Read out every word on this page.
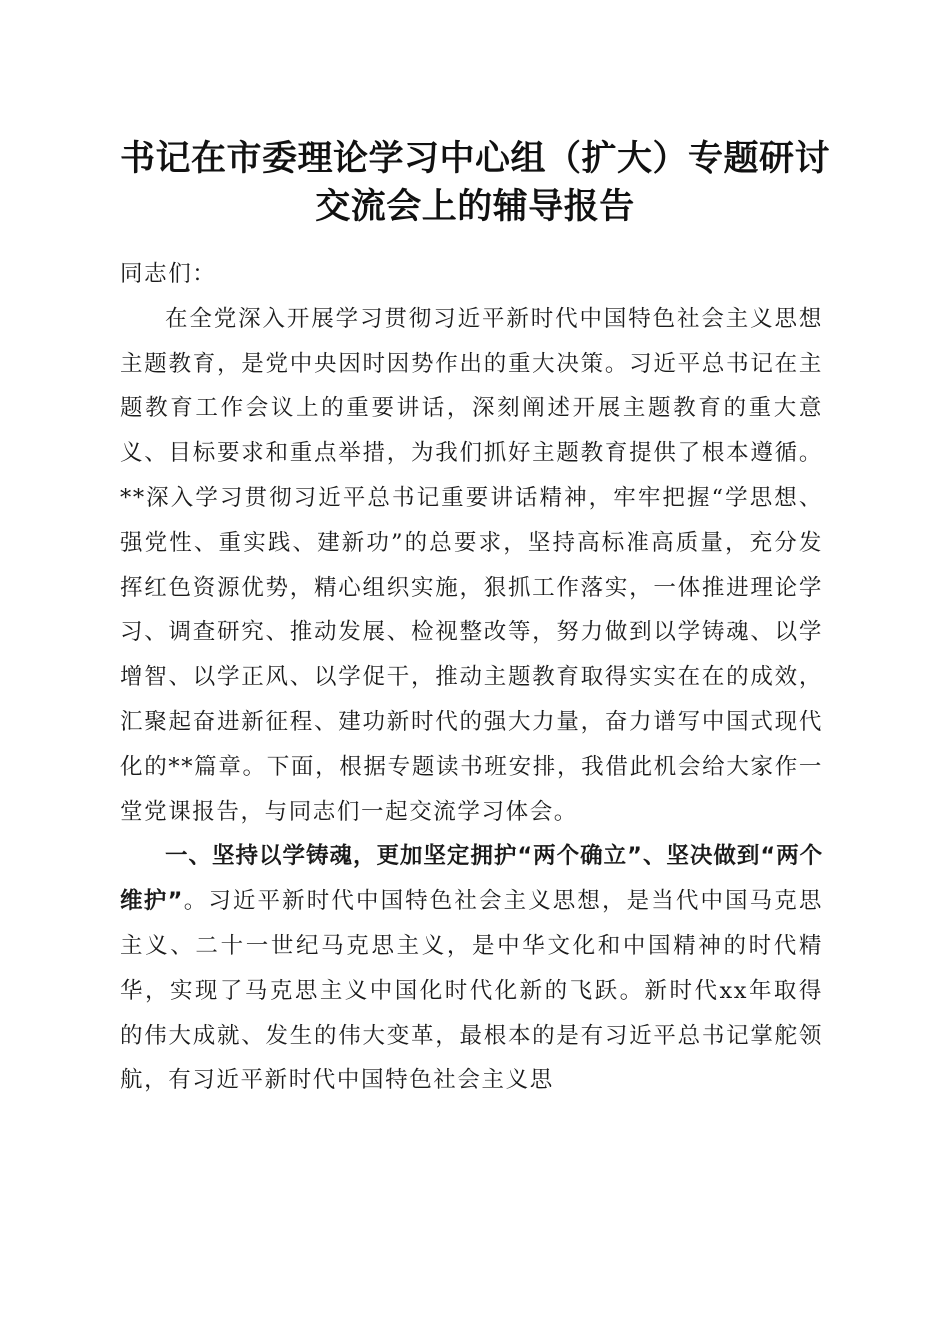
书记在市委理论学习中心组（扩大）专题研讨
交流会上的辅导报告

同志们：

在全党深入开展学习贯彻习近平新时代中国特色社会主义思想主题教育，是党中央因时因势作出的重大决策。习近平总书记在主题教育工作会议上的重要讲话，深刻阐述开展主题教育的重大意义、目标要求和重点举措，为我们抓好主题教育提供了根本遵循。**深入学习贯彻习近平总书记重要讲话精神，牢牢把握“学思想、强党性、重实践、建新功”的总要求，坚持高标准高质量，充分发挥红色资源优势，精心组织实施，狠抓工作落实，一体推进理论学习、调查研究、推动发展、检视整改等，努力做到以学铸魂、以学增智、以学正风、以学促干，推动主题教育取得实实在在的成效，汇聚起奋进新征程、建功新时代的强大力量，奋力谱写中国式现代化的**篇章。下面，根据专题读书班安排，我借此机会给大家作一堂党课报告，与同志们一起交流学习体会。

一、坚持以学铸魂，更加坚定拥护“两个确立”、坚决做到“两个维护”。习近平新时代中国特色社会主义思想，是当代中国马克思主义、二十一世纪马克思主义，是中华文化和中国精神的时代精华，实现了马克思主义中国化时代化新的飞跃。新时代xx年取得的伟大成就、发生的伟大变革，最根本的是有习近平总书记掌舵领航，有习近平新时代中国特色社会主义思
